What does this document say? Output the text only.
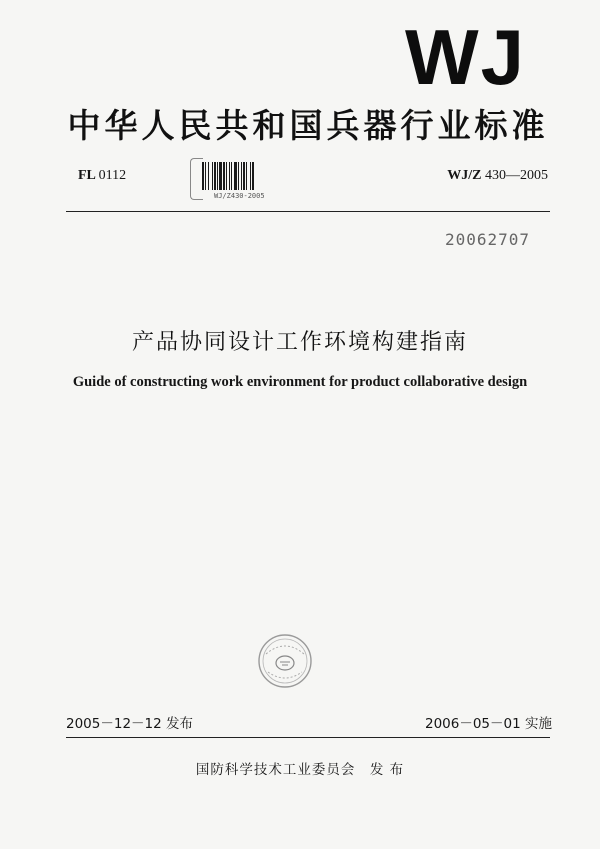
WJ
中华人民共和国兵器行业标准
FL 0112
WJ/Z430-2005
WJ/Z 430—2005
20062707
产品协同设计工作环境构建指南
Guide of constructing work environment for product collaborative design
2005－12－12 发布	2006－05－01 实施
国防科学技术工业委员会　发 布
